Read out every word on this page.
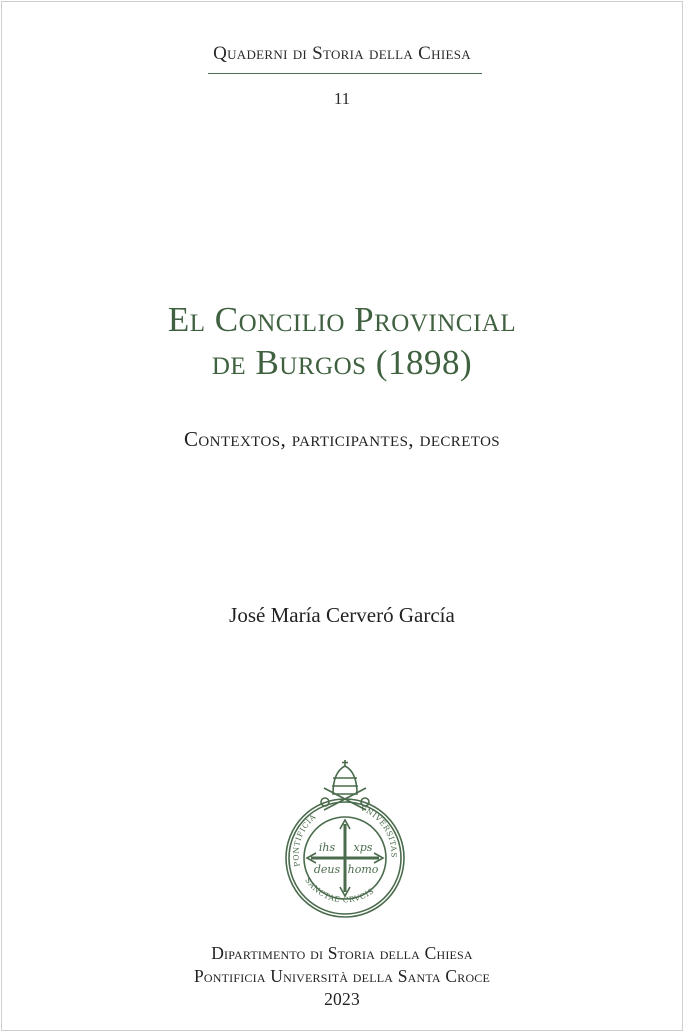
Quaderni di Storia della Chiesa
11
El Concilio Provincial
de Burgos (1898)
Contextos, participantes, decretos
José María Cerveró García
PONTIFICIA
VNIVERSITAS
SANCTAE CRVCIS
ihs xps
deus homo
Dipartimento di Storia della Chiesa
Pontificia Università della Santa Croce
2023
